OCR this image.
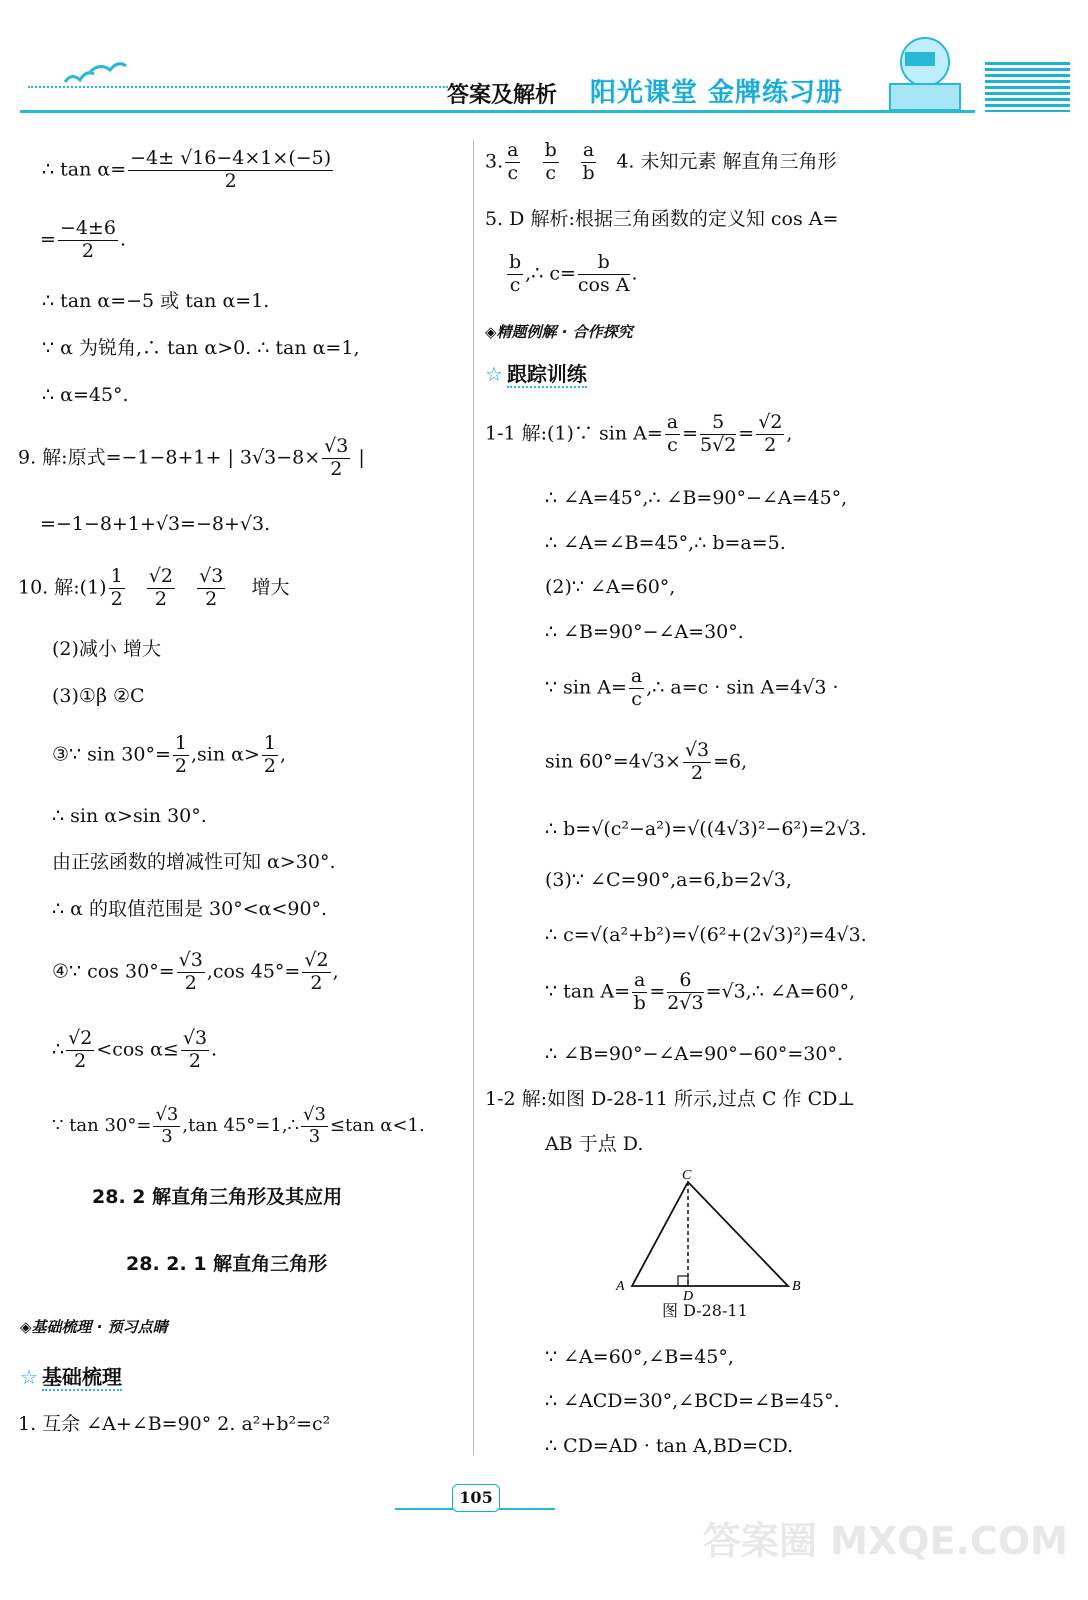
答案及解析 阳光课堂 金牌练习册
∴ $\tan \alpha= \frac{-4\pm √16-4\times 1\times(-5)}{2}$
= $\frac{-4\pm 6}{2}$ .
∴ tan α=−5 或 tan α=1.
∵ α 为锐角,∴ tan α>0. ∴ tan α=1,
∴ α=45°.
9. 解:原式=−1−8+1+ | $3√3-8\times \frac{√3}{2}$ |
=−1−8+1+√3=−8+√3.
10. 解:(1) $\frac{1}{2}$
$\frac{√2}{2}$
$\frac{√3}{2}$ 增大
(2)减小 增大
(3)①β ②C
③∵ $\sin 30^\circ= \frac{1}{2} ,\sin$ $\alpha> \frac{1}{2}$ ,
∴ sin α>sin 30°.
由正弦函数的增减性可知 α>30°.
∴ α 的取值范围是 30°<α<90°.
④∵ $\cos 30^\circ= \frac{√3}{2} ,\cos$ $45^\circ= \frac{√2}{2}$ ,
∴ $\frac{√2}{2} <\cos$ $\alpha\le \frac{√3}{2}$ .
∵ $\tan 30^\circ= \frac{√3}{3} ,\tan$ 45°=1,∴ $\frac{√3}{3} \le\tan$ α<1.
28. 2 解直角三角形及其应用
28. 2. 1 解直角三角形
◈基础梳理 · 预习点睛
☆ 基础梳理
1. 互余 ∠A+∠B=90° 2. a²+b²=c²
3. $\frac{a}{c}$
$\frac{b}{c}$
$\frac{a}{b} 4$. 未知元素 解直角三角形
5. D 解析:根据三角函数的定义知 cos A=
$\frac{b}{c}$ ,∴ $c= \frac{b}{\text{cos A}}$ .
◈精题例解 · 合作探究
☆ 跟踪训练
1-1 解:(1)∵ $\sin A= \frac{a}{c} = \frac{5}{5√2} = \frac{√2}{2}$ ,
∴ ∠A=45°,∴ ∠B=90°−∠A=45°,
∴ ∠A=∠B=45°,∴ b=a=5.
(2)∵ ∠A=60°,
∴ ∠B=90°−∠A=30°.
∵ $\sin A= \frac{a}{c}$ ,∴ a=c · sin A=4√3 ·
$\sin 60^\circ=4√3\times \frac{√3}{2} =6$,
∴ b=√(c²−a²)=√((4√3)²−6²)=2√3.
(3)∵ ∠C=90°,a=6,b=2√3,
∴ c=√(a²+b²)=√(6²+(2√3)²)=4√3.
∵ $\tan A= \frac{a}{b} = \frac{6}{2√3}$ =√3,∴ ∠A=60°,
∴ ∠B=90°−∠A=90°−60°=30°.
1-2 解:如图 D-28-11 所示,过点 C 作 CD⊥
AB 于点 D.
A	B
C
D
图 D-28-11
∵ ∠A=60°,∠B=45°,
∴ ∠ACD=30°,∠BCD=∠B=45°.
∴ CD=AD · tan A,BD=CD.
105
答案圈 MXQE.COM
